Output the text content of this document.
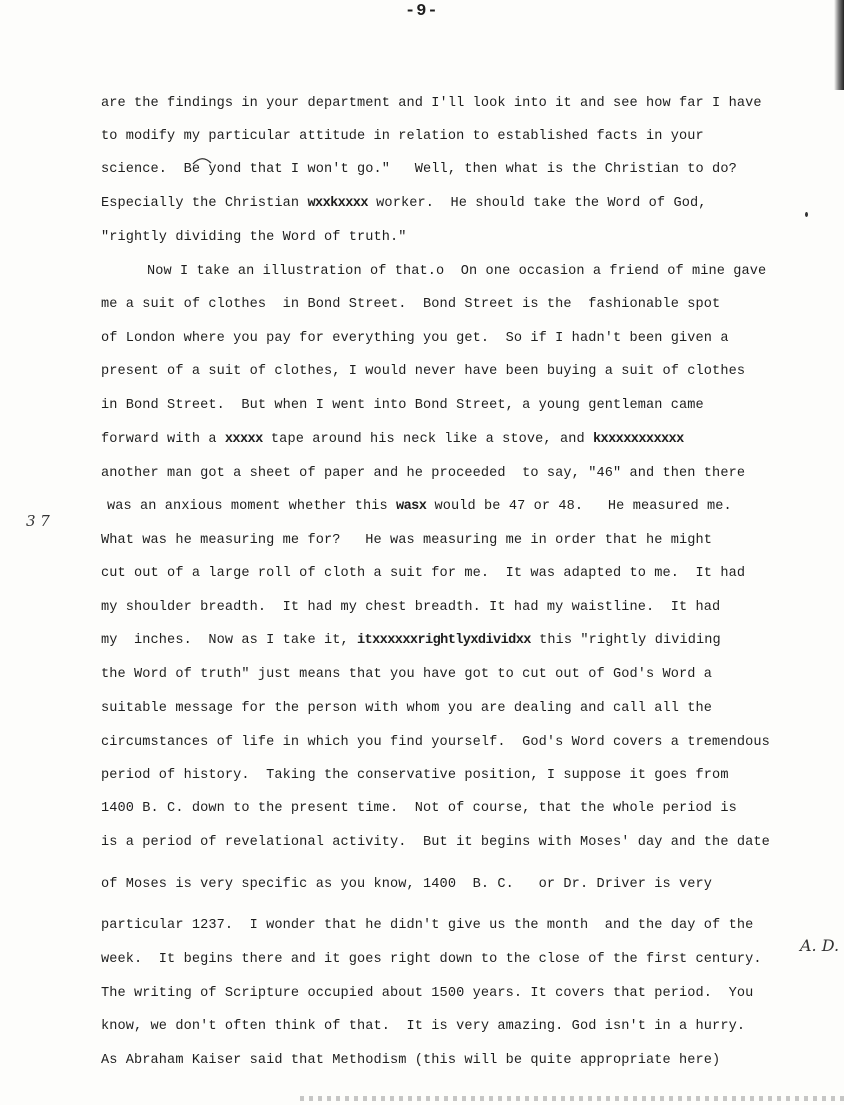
-9-
are the findings in your department and I'll look into it and see how far I have
to modify my particular attitude in relation to established facts in your
science.  Be yond that I won't go."   Well, then what is the Christian to do?
Especially the Christian wxxkxxxx worker.  He should take the Word of God,
"rightly dividing the Word of truth."
Now I take an illustration of that.o  On one occasion a friend of mine gave
me a suit of clothes  in Bond Street.  Bond Street is the  fashionable spot
of London where you pay for everything you get.  So if I hadn't been given a
present of a suit of clothes, I would never have been buying a suit of clothes
in Bond Street.  But when I went into Bond Street, a young gentleman came
forward with a xxxxx tape around his neck like a stove, and kxxxxxxxxxxx
another man got a sheet of paper and he proceeded  to say, "46" and then there
was an anxious moment whether this wasx would be 47 or 48.   He measured me.
What was he measuring me for?   He was measuring me in order that he might
cut out of a large roll of cloth a suit for me.  It was adapted to me.  It had
my shoulder breadth.  It had my chest breadth. It had my waistline.  It had
my  inches.  Now as I take it, itxxxxxxrightlyxdividxx this "rightly dividing
the Word of truth" just means that you have got to cut out of God's Word a
suitable message for the person with whom you are dealing and call all the
circumstances of life in which you find yourself.  God's Word covers a tremendous
period of history.  Taking the conservative position, I suppose it goes from
1400 B. C. down to the present time.  Not of course, that the whole period is
is a period of revelational activity.  But it begins with Moses' day and the date
of Moses is very specific as you know, 1400  B. C.   or Dr. Driver is very
particular 1237.  I wonder that he didn't give us the month  and the day of the
week.  It begins there and it goes right down to the close of the first century.
The writing of Scripture occupied about 1500 years. It covers that period.  You
know, we don't often think of that.  It is very amazing. God isn't in a hurry.
As Abraham Kaiser said that Methodism (this will be quite appropriate here)
3 7
A. D.
